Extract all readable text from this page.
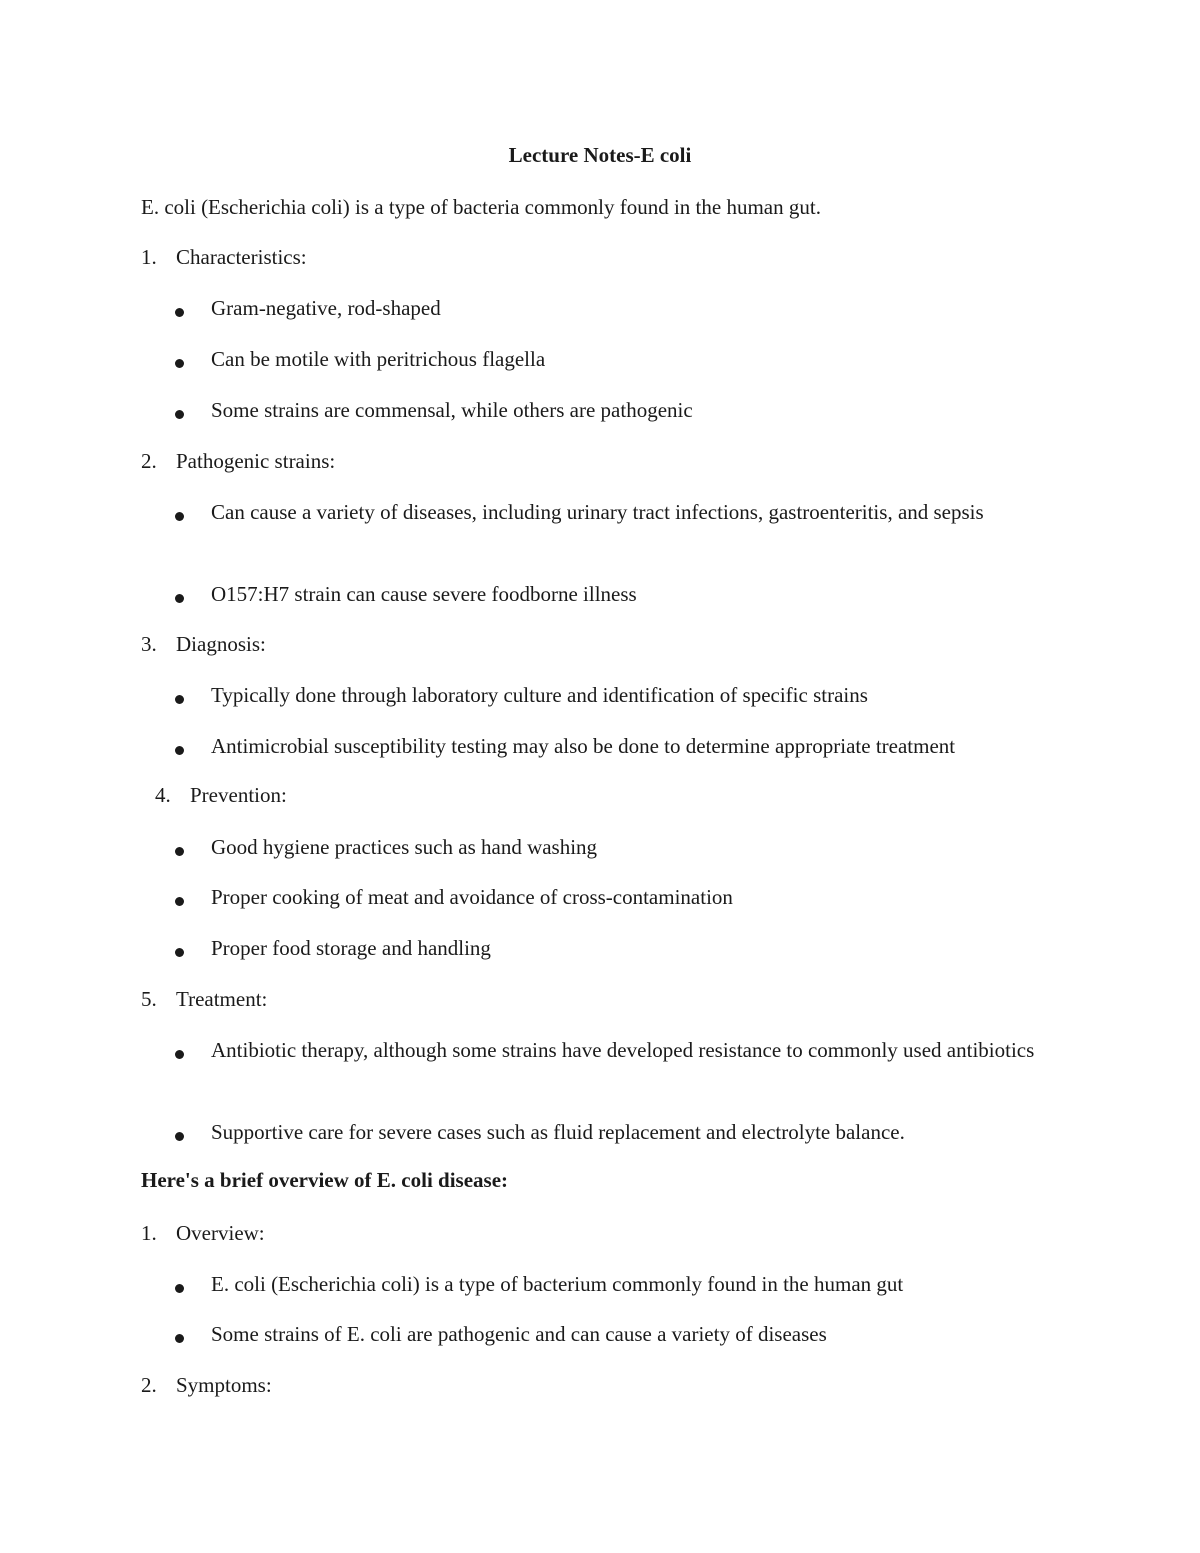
Lecture Notes-E coli
E. coli (Escherichia coli) is a type of bacteria commonly found in the human gut.
1. Characteristics:
Gram-negative, rod-shaped
Can be motile with peritrichous flagella
Some strains are commensal, while others are pathogenic
2. Pathogenic strains:
Can cause a variety of diseases, including urinary tract infections, gastroenteritis, and sepsis
O157:H7 strain can cause severe foodborne illness
3. Diagnosis:
Typically done through laboratory culture and identification of specific strains
Antimicrobial susceptibility testing may also be done to determine appropriate treatment
4. Prevention:
Good hygiene practices such as hand washing
Proper cooking of meat and avoidance of cross-contamination
Proper food storage and handling
5. Treatment:
Antibiotic therapy, although some strains have developed resistance to commonly used antibiotics
Supportive care for severe cases such as fluid replacement and electrolyte balance.
Here's a brief overview of E. coli disease:
1. Overview:
E. coli (Escherichia coli) is a type of bacterium commonly found in the human gut
Some strains of E. coli are pathogenic and can cause a variety of diseases
2. Symptoms:
